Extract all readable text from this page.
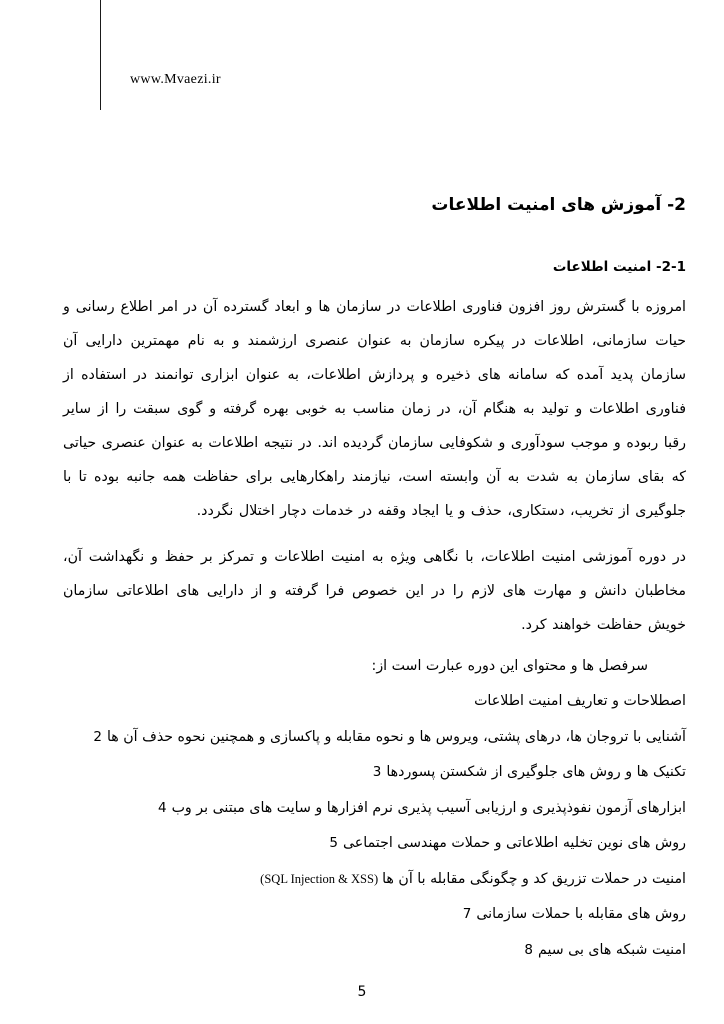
www.Mvaezi.ir
2- آموزش های امنیت اطلاعات
2-1- امنیت اطلاعات
امروزه با گسترش روز افزون فناوری اطلاعات در سازمان ها و ابعاد گسترده آن در امر اطلاع رسانی و حیات سازمانی، اطلاعات در پیکره سازمان به عنوان عنصری ارزشمند و به نام مهمترین دارایی آن سازمان پدید آمده که سامانه های ذخیره و پردازش اطلاعات، به عنوان ابزاری توانمند در استفاده از فناوری اطلاعات و تولید به هنگام آن، در زمان مناسب به خوبی بهره گرفته و گوی سبقت را از سایر رقبا ربوده و موجب سودآوری و شکوفایی سازمان گردیده اند. در نتیجه اطلاعات به عنوان عنصری حیاتی که بقای سازمان به شدت به آن وابسته است، نیازمند راهکارهایی برای حفاظت همه جانبه بوده تا با جلوگیری از تخریب، دستکاری، حذف و یا ایجاد وقفه در خدمات دچار اختلال نگردد.
در دوره آموزشی امنیت اطلاعات، با نگاهی ویژه به امنیت اطلاعات و تمرکز بر حفظ و نگهداشت آن، مخاطبان دانش و مهارت های لازم را در این خصوص فرا گرفته و از دارایی های اطلاعاتی سازمان خویش حفاظت خواهند کرد.
سرفصل ها و محتوای این دوره عبارت است از:
اصطلاحات و تعاریف امنیت اطلاعات
آشنایی با تروجان ها، درهای پشتی، ویروس ها و نحوه مقابله و پاکسازی و همچنین نحوه حذف آن ها2
تکنیک ها و روش های جلوگیری از شکستن پسوردها3
ابزارهای آزمون نفوذپذیری و ارزیابی آسیب پذیری نرم افزارها و سایت های مبتنی بر وب4
روش های نوین تخلیه اطلاعاتی و حملات مهندسی اجتماعی5
امنیت در حملات تزریق کد و چگونگی مقابله با آن ها(SQL Injection & XSS)
روش های مقابله با حملات سازمانی7
امنیت شبکه های بی سیم8
5
